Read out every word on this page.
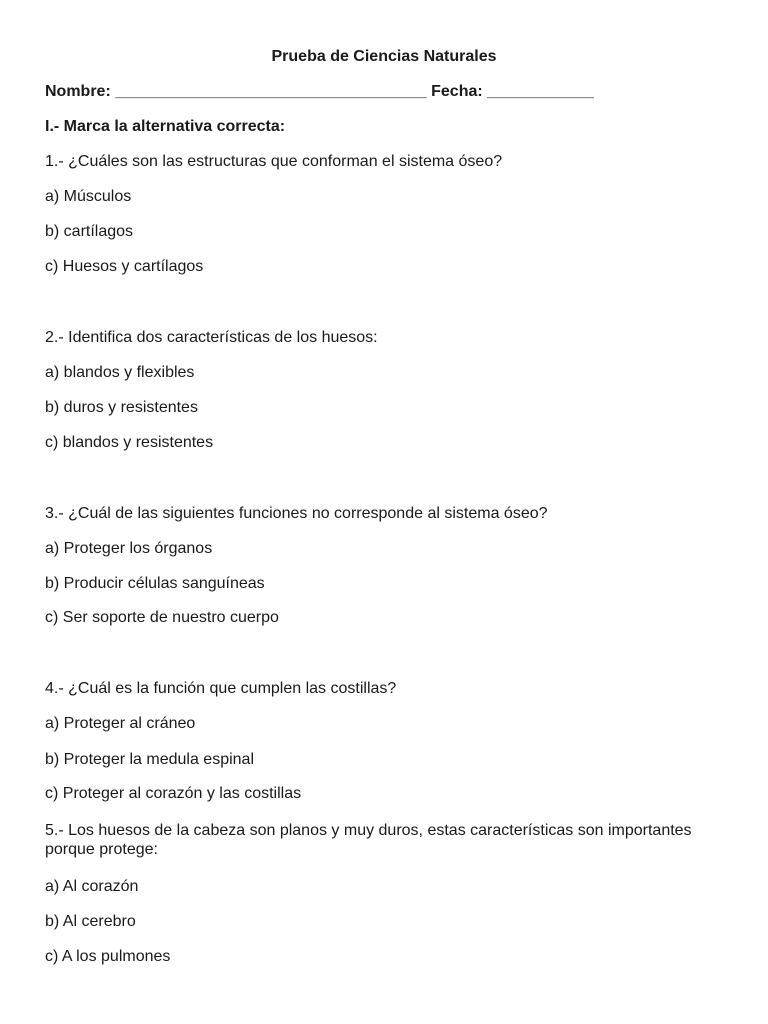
Prueba de Ciencias Naturales
Nombre: ___________________________________ Fecha: ____________
I.- Marca la alternativa correcta:
1.- ¿Cuáles son las estructuras que conforman el sistema óseo?
a) Músculos
b) cartílagos
c) Huesos y cartílagos
2.- Identifica dos características de los huesos:
a) blandos y flexibles
b) duros y resistentes
c) blandos y resistentes
3.- ¿Cuál de las siguientes funciones no corresponde al sistema óseo?
a) Proteger los órganos
b) Producir células sanguíneas
c) Ser soporte de nuestro cuerpo
4.- ¿Cuál es la función que cumplen las costillas?
a) Proteger al cráneo
b) Proteger la medula espinal
c) Proteger al corazón y las costillas
5.- Los huesos de la cabeza son planos y muy duros, estas características son importantes porque protege:
a) Al corazón
b) Al cerebro
c) A los pulmones
